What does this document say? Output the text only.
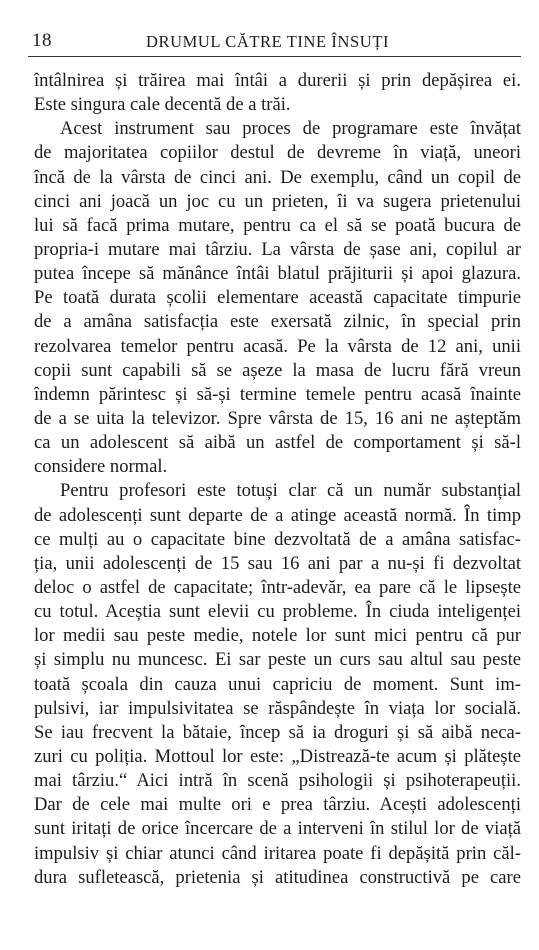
18	DRUMUL CĂTRE TINE ÎNSUȚI
întâlnirea și trăirea mai întâi a durerii și prin depășirea ei.
Este singura cale decentă de a trăi.
Acest instrument sau proces de programare este învățat
de majoritatea copiilor destul de devreme în viață, uneori
încă de la vârsta de cinci ani. De exemplu, când un copil de
cinci ani joacă un joc cu un prieten, îi va sugera prietenului
lui să facă prima mutare, pentru ca el să se poată bucura de
propria-i mutare mai târziu. La vârsta de șase ani, copilul ar
putea începe să mănânce întâi blatul prăjiturii și apoi glazura.
Pe toată durata școlii elementare această capacitate timpurie
de a amâna satisfacția este exersată zilnic, în special prin
rezolvarea temelor pentru acasă. Pe la vârsta de 12 ani, unii
copii sunt capabili să se așeze la masa de lucru fără vreun
îndemn părintesc și să-și termine temele pentru acasă înainte
de a se uita la televizor. Spre vârsta de 15, 16 ani ne așteptăm
ca un adolescent să aibă un astfel de comportament și să-l
considere normal.
Pentru profesori este totuși clar că un număr substanțial
de adolescenți sunt departe de a atinge această normă. În timp
ce mulți au o capacitate bine dezvoltată de a amâna satisfac-
ția, unii adolescenți de 15 sau 16 ani par a nu-și fi dezvoltat
deloc o astfel de capacitate; într-adevăr, ea pare că le lipsește
cu totul. Aceștia sunt elevii cu probleme. În ciuda inteligenței
lor medii sau peste medie, notele lor sunt mici pentru că pur
și simplu nu muncesc. Ei sar peste un curs sau altul sau peste
toată școala din cauza unui capriciu de moment. Sunt im-
pulsivi, iar impulsivitatea se răspândește în viața lor socială.
Se iau frecvent la bătaie, încep să ia droguri și să aibă neca-
zuri cu poliția. Mottoul lor este: „Distrează-te acum și plătește
mai târziu.“ Aici intră în scenă psihologii și psihoterapeuții.
Dar de cele mai multe ori e prea târziu. Acești adolescenți
sunt iritați de orice încercare de a interveni în stilul lor de viață
impulsiv și chiar atunci când iritarea poate fi depășită prin căl-
dura sufletească, prietenia și atitudinea constructivă pe care
